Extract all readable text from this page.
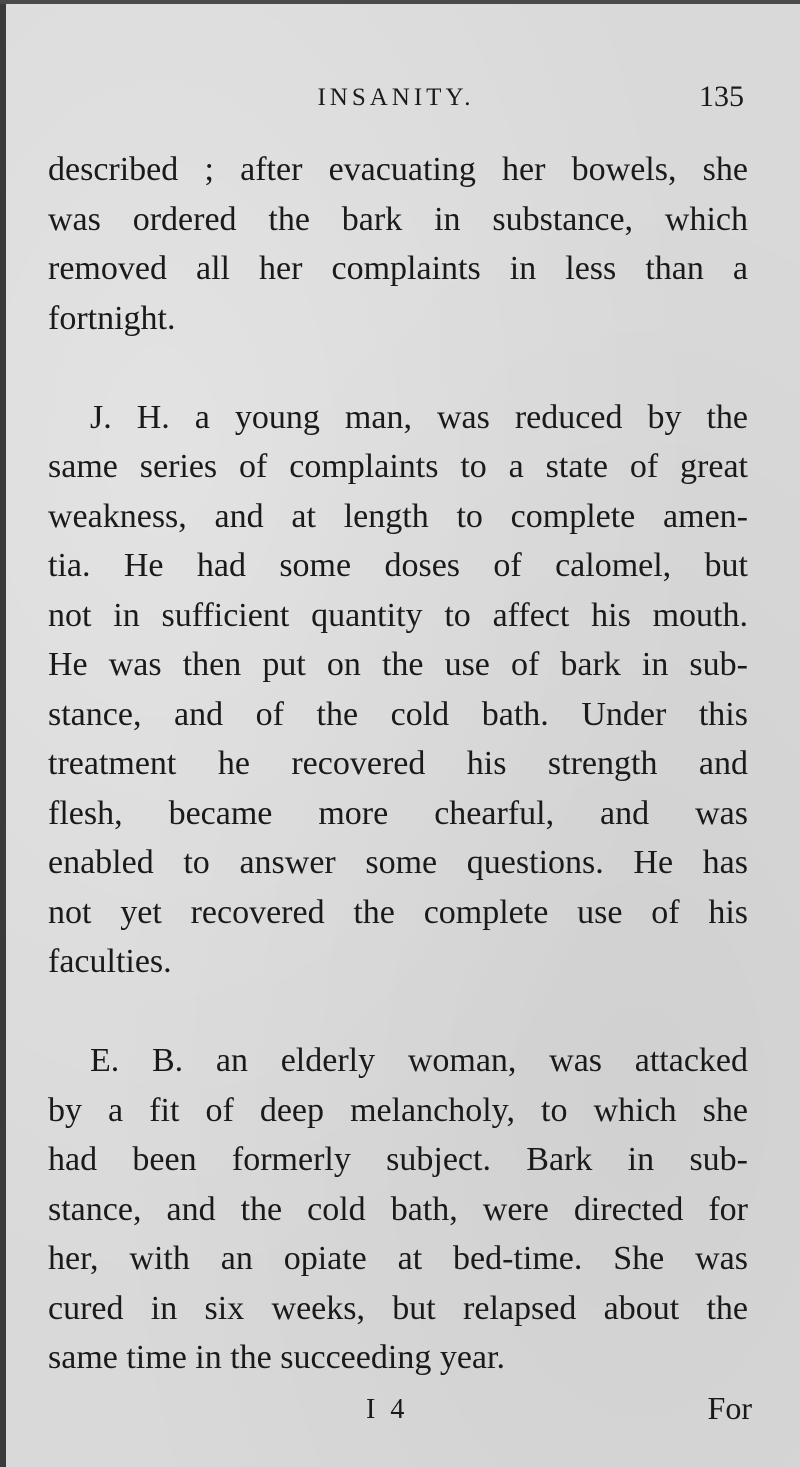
INSANITY.	135
described ; after evacuating her bowels, she
was ordered the bark in substance, which
removed all her complaints in less than a
fortnight.
J. H. a young man, was reduced by the
same series of complaints to a state of great
weakness, and at length to complete amen-
tia. He had some doses of calomel, but
not in sufficient quantity to affect his mouth.
He was then put on the use of bark in sub-
stance, and of the cold bath. Under this
treatment he recovered his strength and
flesh, became more chearful, and was
enabled to answer some questions. He has
not yet recovered the complete use of his
faculties.
E. B. an elderly woman, was attacked
by a fit of deep melancholy, to which she
had been formerly subject. Bark in sub-
stance, and the cold bath, were directed for
her, with an opiate at bed-time. She was
cured in six weeks, but relapsed about the
same time in the succeeding year.
I 4	For
